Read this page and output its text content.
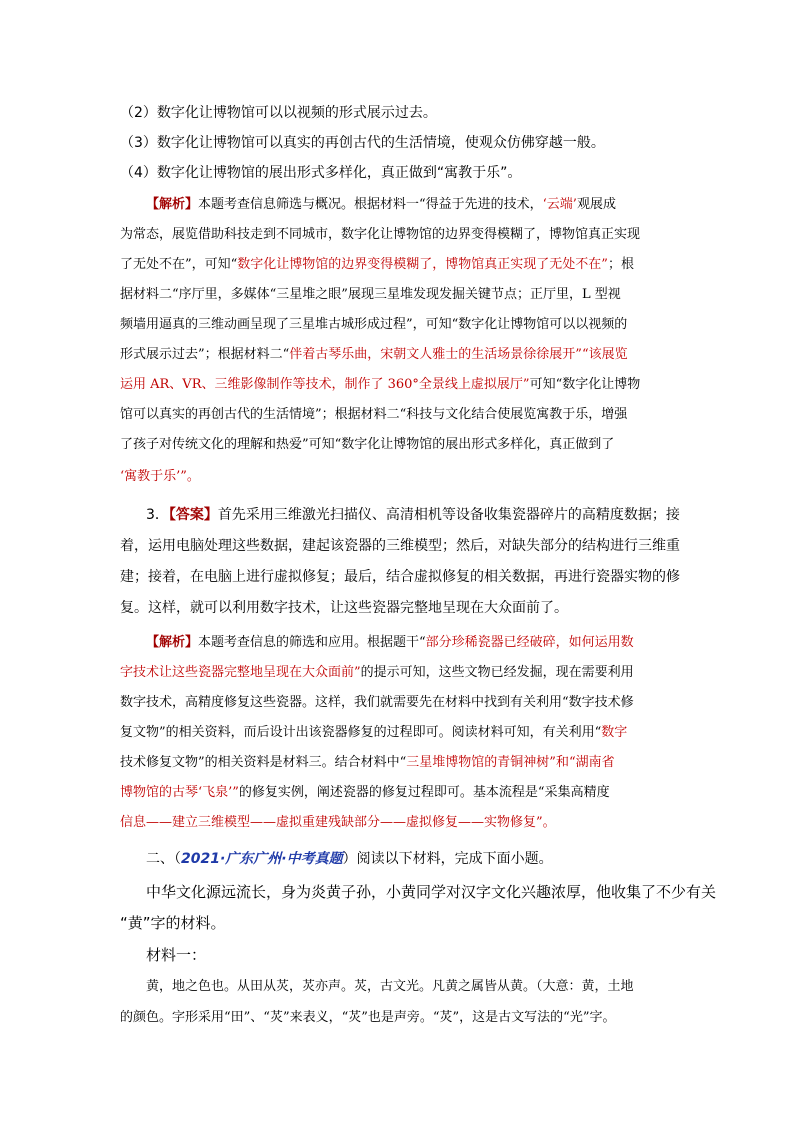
（2）数字化让博物馆可以以视频的形式展示过去。
（3）数字化让博物馆可以真实的再创古代的生活情境，使观众仿佛穿越一般。
（4）数字化让博物馆的展出形式多样化，真正做到“寓教于乐”。
【解析】本题考查信息筛选与概况。根据材料一“得益于先进的技术，‘云端’观展成
为常态，展览借助科技走到不同城市，数字化让博物馆的边界变得模糊了，博物馆真正实现
了无处不在”，可知“数字化让博物馆的边界变得模糊了，博物馆真正实现了无处不在”；根
据材料二“序厅里，多媒体“三星堆之眼”展现三星堆发现发掘关键节点；正厅里，L 型视
频墙用逼真的三维动画呈现了三星堆古城形成过程”，可知“数字化让博物馆可以以视频的
形式展示过去”；根据材料二“伴着古琴乐曲，宋朝文人雅士的生活场景徐徐展开”“该展览
运用 AR、VR、三维影像制作等技术，制作了 360°全景线上虚拟展厅”可知“数字化让博物
馆可以真实的再创古代的生活情境”；根据材料二“科技与文化结合使展览寓教于乐，增强
了孩子对传统文化的理解和热爱”可知“数字化让博物馆的展出形式多样化，真正做到了
‘寓教于乐’”。
3．【答案】首先采用三维激光扫描仪、高清相机等设备收集瓷器碎片的高精度数据；接
着，运用电脑处理这些数据，建起该瓷器的三维模型；然后，对缺失部分的结构进行三维重
建；接着，在电脑上进行虚拟修复；最后，结合虚拟修复的相关数据，再进行瓷器实物的修
复。这样，就可以利用数字技术，让这些瓷器完整地呈现在大众面前了。
【解析】本题考查信息的筛选和应用。根据题干“部分珍稀瓷器已经破碎，如何运用数
字技术让这些瓷器完整地呈现在大众面前”的提示可知，这些文物已经发掘，现在需要利用
数字技术，高精度修复这些瓷器。这样，我们就需要先在材料中找到有关利用“数字技术修
复文物”的相关资料，而后设计出该瓷器修复的过程即可。阅读材料可知，有关利用“数字
技术修复文物”的相关资料是材料三。结合材料中“三星堆博物馆的青铜神树”和“湖南省
博物馆的古琴‘飞泉’”的修复实例，阐述瓷器的修复过程即可。基本流程是“采集高精度
信息——建立三维模型——虚拟重建残缺部分——虚拟修复——实物修复”。
二、（2021·广东广州·中考真题）阅读以下材料，完成下面小题。
中华文化源远流长，身为炎黄子孙，小黄同学对汉字文化兴趣浓厚，他收集了不少有关
“黄”字的材料。
材料一：
黄，地之色也。从田从炗，炗亦声。炗，古文光。凡黄之属皆从黄。（大意：黄，土地
的颜色。字形采用“田”、“炗”来表义，“炗”也是声旁。“炗”，这是古文写法的“光”字。
